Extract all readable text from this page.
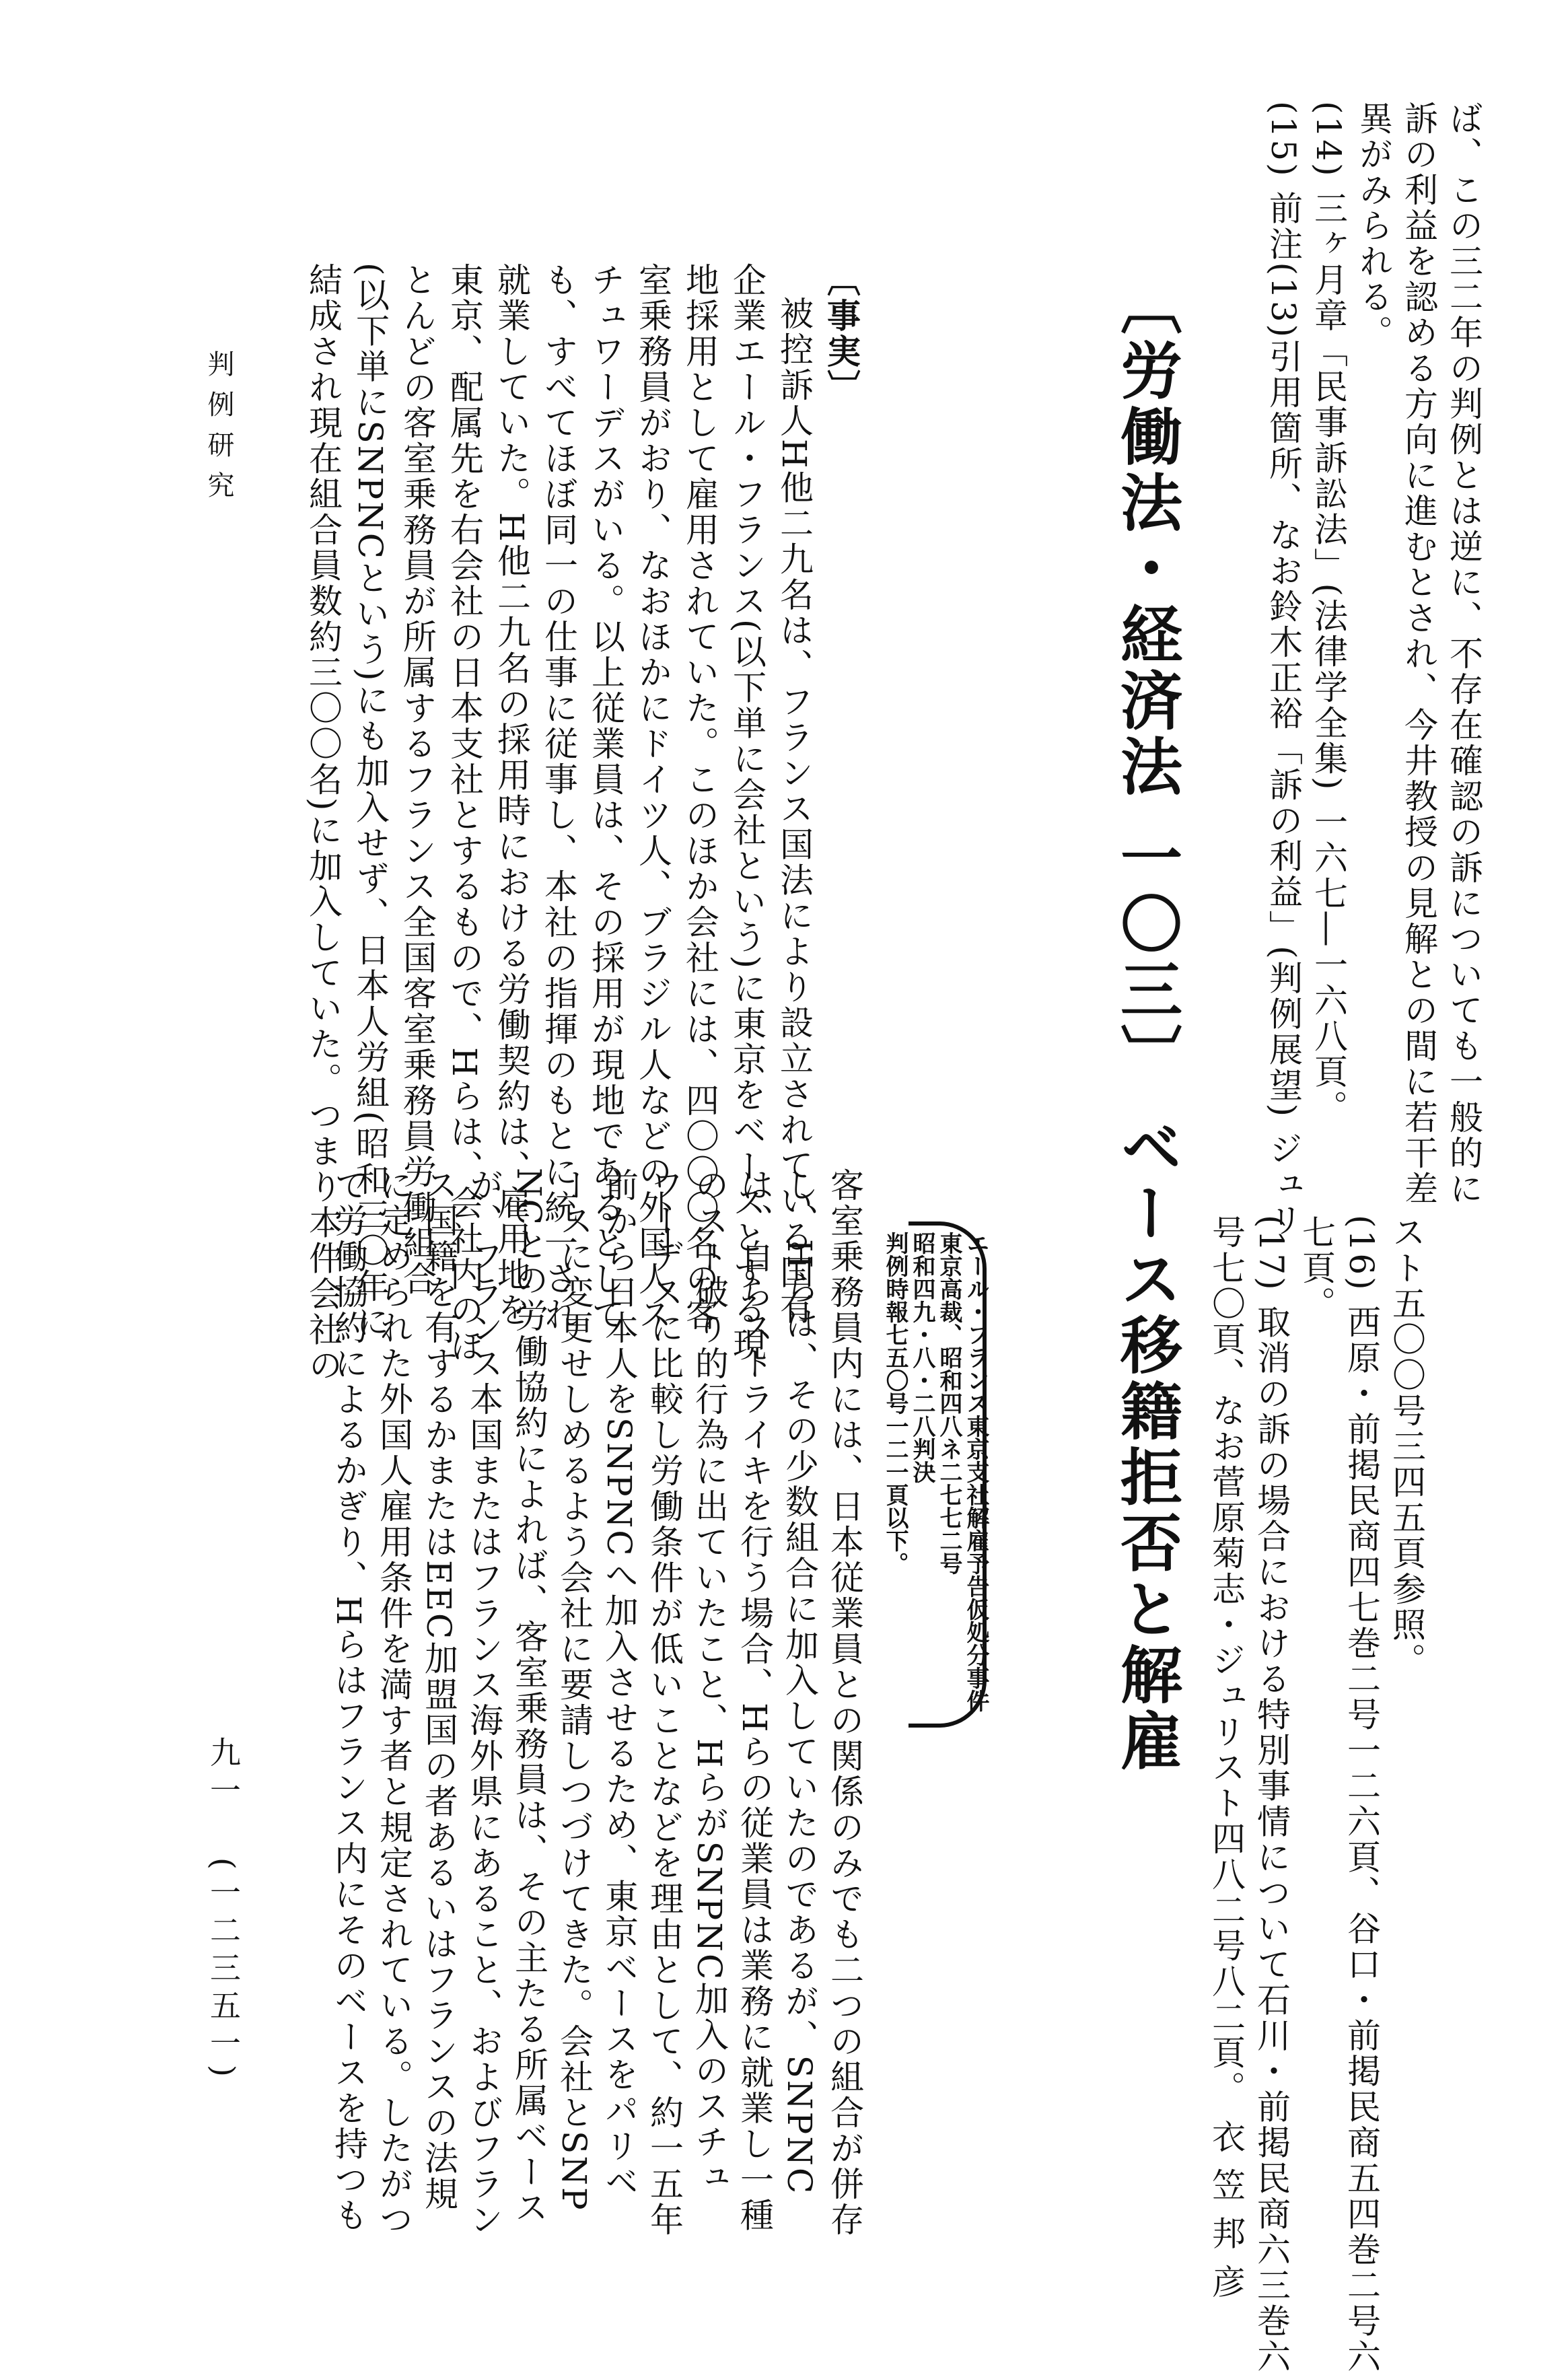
ば、この三二年の判例とは逆に、不存在確認の訴についても一般的に
訴の利益を認める方向に進むとされ、今井教授の見解との間に若干差
異がみられる。
(14) 三ヶ月章「民事訴訟法」(法律学全集) 一六七―一六八頁。
(15) 前注(13)引用箇所、なお鈴木正裕「訴の利益」(判例展望) ジュリ
スト五〇〇号三四五頁参照。
(16) 西原・前掲民商四七巻二号一二六頁、谷口・前掲民商五四巻二号六
七頁。
(17) 取消の訴の場合における特別事情について石川・前掲民商六三巻六
号七〇頁、なお菅原菊志・ジュリスト四八二号八二頁。 衣 笠 邦 彦
〔労働法・経済法 一〇三〕 ベース移籍拒否と解雇
エール・フランス東京支社解雇予告仮処分事件
東京高裁、昭和四八ネ二七七二号
昭和四九・八・二八判決
判例時報七五〇号一二一頁以下。
〔事実〕
被控訴人H他二九名は、フランス国法により設立されている国有
企業エール・フランス(以下単に会社という)に東京をベースとする現
地採用として雇用されていた。このほか会社には、四〇〇〇名の客
室乗務員がおり、なおほかにドイツ人、ブラジル人などの外国人ス
チュワーデスがいる。以上従業員は、その採用が現地であるとして
も、すべてほぼ同一の仕事に従事し、本社の指揮のもとに統一され
就業していた。H他二九名の採用時における労働契約は、雇用地を
東京、配属先を右会社の日本支社とするもので、Hらは、会社内のほ
とんどの客室乗務員が所属するフランス全国客室乗務員労働組合
(以下単にSNPNCという)にも加入せず、日本人労組(昭和三〇年に
結成され現在組合員数約三〇〇名)に加入していた。つまり本件会社の
客室乗務員内には、日本従業員との関係のみでも二つの組合が併存
し、Hらは、その少数組合に加入していたのであるが、SNPNC
は、自らストライキを行う場合、Hらの従業員は業務に就業し一種
のスト破り的行為に出ていたこと、HらがSNPNC加入のスチュ
ワーデスに比較し労働条件が低いことなどを理由として、約一五年
前から日本人をSNPNCへ加入させるため、東京ベースをパリベ
ースに変更せしめるよう会社に要請しつづけてきた。会社とSNP
NCとの労働協約によれば、客室乗務員は、その主たる所属ベース
が、フランス本国またはフランス海外県にあること、およびフラン
ス国籍を有するかまたはEEC加盟国の者あるいはフランスの法規
に定められた外国人雇用条件を満す者と規定されている。したがつ
て労働協約によるかぎり、Hらはフランス内にそのベースを持つも
判例研究
九一
(一二三五一)
